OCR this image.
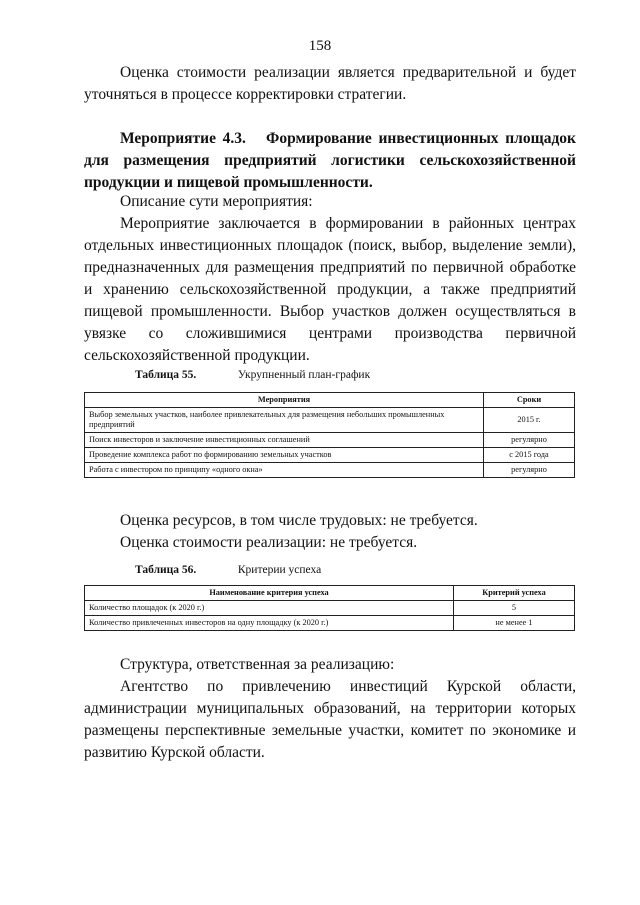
158

Оценка стоимости реализации является предварительной и будет уточняться в процессе корректировки стратегии.

Мероприятие 4.3.   Формирование инвестиционных площадок для размещения предприятий логистики сельскохозяйственной продукции и пищевой промышленности.

Описание сути мероприятия:

Мероприятие заключается в формировании в районных центрах отдельных инвестиционных площадок (поиск, выбор, выделение земли), предназначенных для размещения предприятий по первичной обработке и хранению сельскохозяйственной продукции, а также предприятий пищевой промышленности. Выбор участков должен осуществляться в увязке со сложившимися центрами производства первичной сельскохозяйственной продукции.

Таблица 55.	Укрупненный план-график
Мероприятия	Сроки
Выбор земельных участков, наиболее привлекательных для размещения небольших промышленных предприятий	2015 г.
Поиск инвесторов и заключение инвестиционных соглашений	регулярно
Проведение комплекса работ по формированию земельных участков	с 2015 года
Работа с инвестором по принципу «одного окна»	регулярно

Оценка ресурсов, в том числе трудовых: не требуется.

Оценка стоимости реализации: не требуется.

Таблица 56.	Критерии успеха
Наименование критерия успеха	Критерий успеха
Количество площадок (к 2020 г.)	5
Количество привлеченных инвесторов на одну площадку (к 2020 г.)	не менее 1

Структура, ответственная за реализацию:

Агентство по привлечению инвестиций Курской области, администрации муниципальных образований, на территории которых размещены перспективные земельные участки, комитет по экономике и развитию Курской области.
